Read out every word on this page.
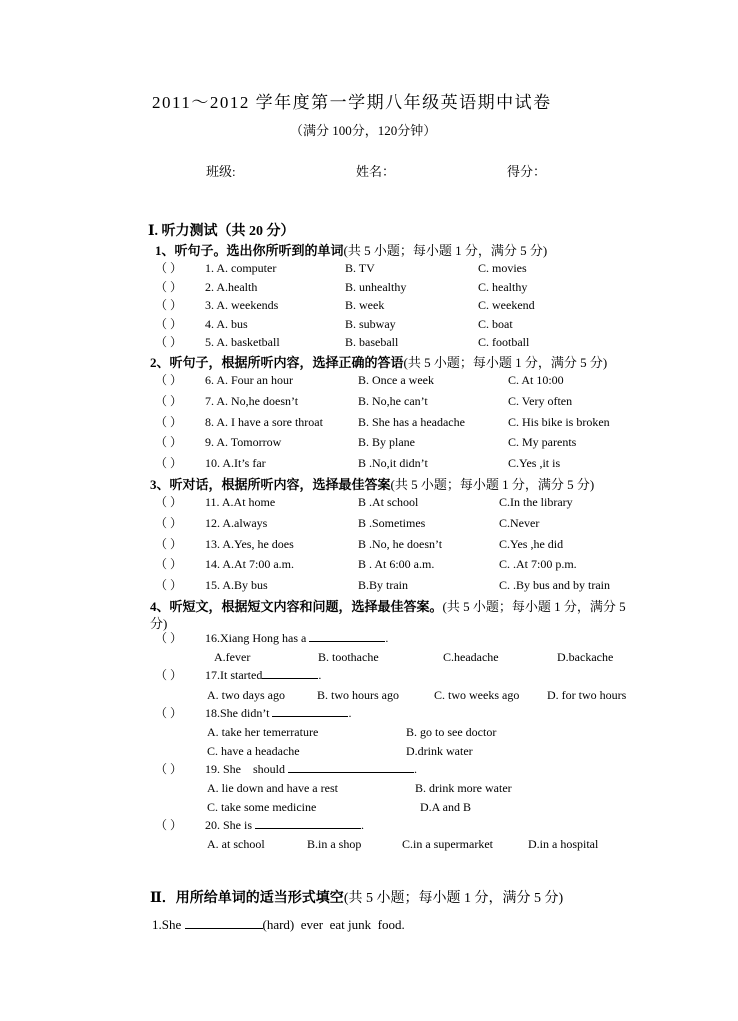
2011～2012 学年度第一学期八年级英语期中试卷
（满分 100分，120分钟）
班级:	姓名：	得分：
Ⅰ. 听力测试（共 20 分）
1、听句子。选出你所听到的单词(共 5 小题；每小题 1 分，满分 5 分)
（ ） 1. A. computer	B. TV	C. movies
（ ） 2. A.health	B. unhealthy	C. healthy
（ ） 3. A. weekends	B. week	C. weekend
（ ） 4. A. bus	B. subway	C. boat
（ ） 5. A. basketball	B. baseball	C. football
2、听句子，根据所听内容，选择正确的答语(共 5 小题；每小题 1 分，满分 5 分)
（ ） 6. A. Four an hour	B. Once a week	C. At 10:00
（ ） 7. A. No,he doesn’t	B. No,he can’t	C. Very often
（ ） 8. A. I have a sore throat	B. She has a headache	C. His bike is broken
（ ） 9. A. Tomorrow	B. By plane	C. My parents
（ ） 10. A.It’s far	B .No,it didn’t	C.Yes ,it is
3、听对话，根据所听内容，选择最佳答案(共 5 小题；每小题 1 分，满分 5 分)
（ ） 11. A.At home	B .At school	C.In the library
（ ） 12. A.always	B .Sometimes	C.Never
（ ） 13. A.Yes, he does	B .No, he doesn’t	C.Yes ,he did
（ ） 14. A.At 7:00 a.m.	B . At 6:00 a.m.	C. .At 7:00 p.m.
（ ） 15. A.By bus	B.By train	C. .By bus and by train
4、听短文，根据短文内容和问题，选择最佳答案。(共 5 小题；每小题 1 分，满分 5
分)
（ ） 16.Xiang Hong has a	.
A.fever	B. toothache	C.headache	D.backache
（ ） 17.It started	.
A. two days ago	B. two hours ago	C. two weeks ago D. for two hours
（ ） 18.She didn’t	.
A. take her temerrature	B. go to see doctor
C. have a headache	D.drink water
（ ） 19. She    should	.
A. lie down and have a rest	B. drink more water
C. take some medicine	D.A and B
（ ） 20. She is	.
A. at school	B.in a shop	C.in a supermarket	D.in a hospital
Ⅱ．用所给单词的适当形式填空(共 5 小题；每小题 1 分，满分 5 分)
1.She	(hard)  ever  eat junk  food.
